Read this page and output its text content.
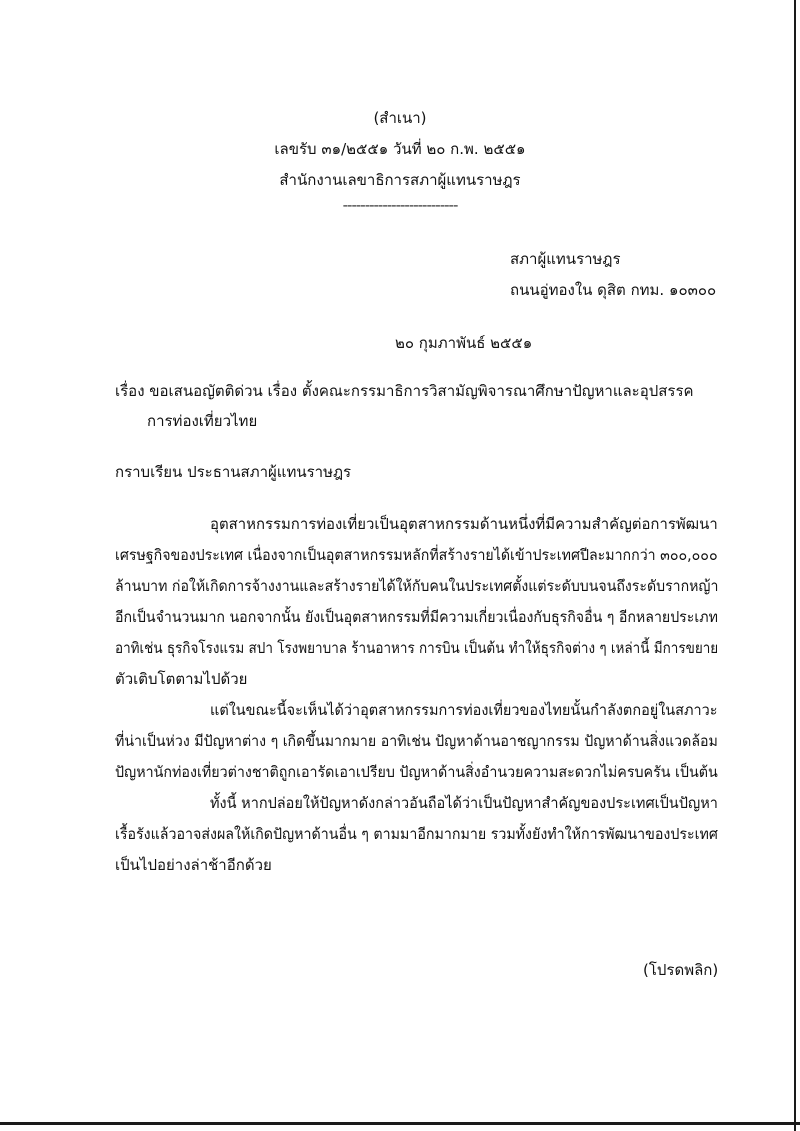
(สำเนา)
เลขรับ ๓๑/๒๕๕๑ วันที่ ๒๐ ก.พ. ๒๕๕๑
สำนักงานเลขาธิการสภาผู้แทนราษฎร
--------------------------
สภาผู้แทนราษฎร
ถนนอู่ทองใน ดุสิต กทม. ๑๐๓๐๐
๒๐ กุมภาพันธ์ ๒๕๕๑
เรื่อง ขอเสนอญัตติด่วน เรื่อง ตั้งคณะกรรมาธิการวิสามัญพิจารณาศึกษาปัญหาและอุปสรรค
การท่องเที่ยวไทย
กราบเรียน ประธานสภาผู้แทนราษฎร
อุตสาหกรรมการท่องเที่ยวเป็นอุตสาหกรรมด้านหนึ่งที่มีความสำคัญต่อการพัฒนา
เศรษฐกิจของประเทศ เนื่องจากเป็นอุตสาหกรรมหลักที่สร้างรายได้เข้าประเทศปีละมากกว่า ๓๐๐,๐๐๐
ล้านบาท ก่อให้เกิดการจ้างงานและสร้างรายได้ให้กับคนในประเทศตั้งแต่ระดับบนจนถึงระดับรากหญ้า
อีกเป็นจำนวนมาก นอกจากนั้น ยังเป็นอุตสาหกรรมที่มีความเกี่ยวเนื่องกับธุรกิจอื่น ๆ อีกหลายประเภท
อาทิเช่น ธุรกิจโรงแรม สปา โรงพยาบาล ร้านอาหาร การบิน เป็นต้น ทำให้ธุรกิจต่าง ๆ เหล่านี้ มีการขยาย
ตัวเติบโตตามไปด้วย
แต่ในขณะนี้จะเห็นได้ว่าอุตสาหกรรมการท่องเที่ยวของไทยนั้นกำลังตกอยู่ในสภาวะ
ที่น่าเป็นห่วง มีปัญหาต่าง ๆ เกิดขึ้นมากมาย อาทิเช่น ปัญหาด้านอาชญากรรม ปัญหาด้านสิ่งแวดล้อม
ปัญหานักท่องเที่ยวต่างชาติถูกเอารัดเอาเปรียบ ปัญหาด้านสิ่งอำนวยความสะดวกไม่ครบครัน เป็นต้น
ทั้งนี้ หากปล่อยให้ปัญหาดังกล่าวอันถือได้ว่าเป็นปัญหาสำคัญของประเทศเป็นปัญหา
เรื้อรังแล้วอาจส่งผลให้เกิดปัญหาด้านอื่น ๆ ตามมาอีกมากมาย รวมทั้งยังทำให้การพัฒนาของประเทศ
เป็นไปอย่างล่าช้าอีกด้วย
(โปรดพลิก)
